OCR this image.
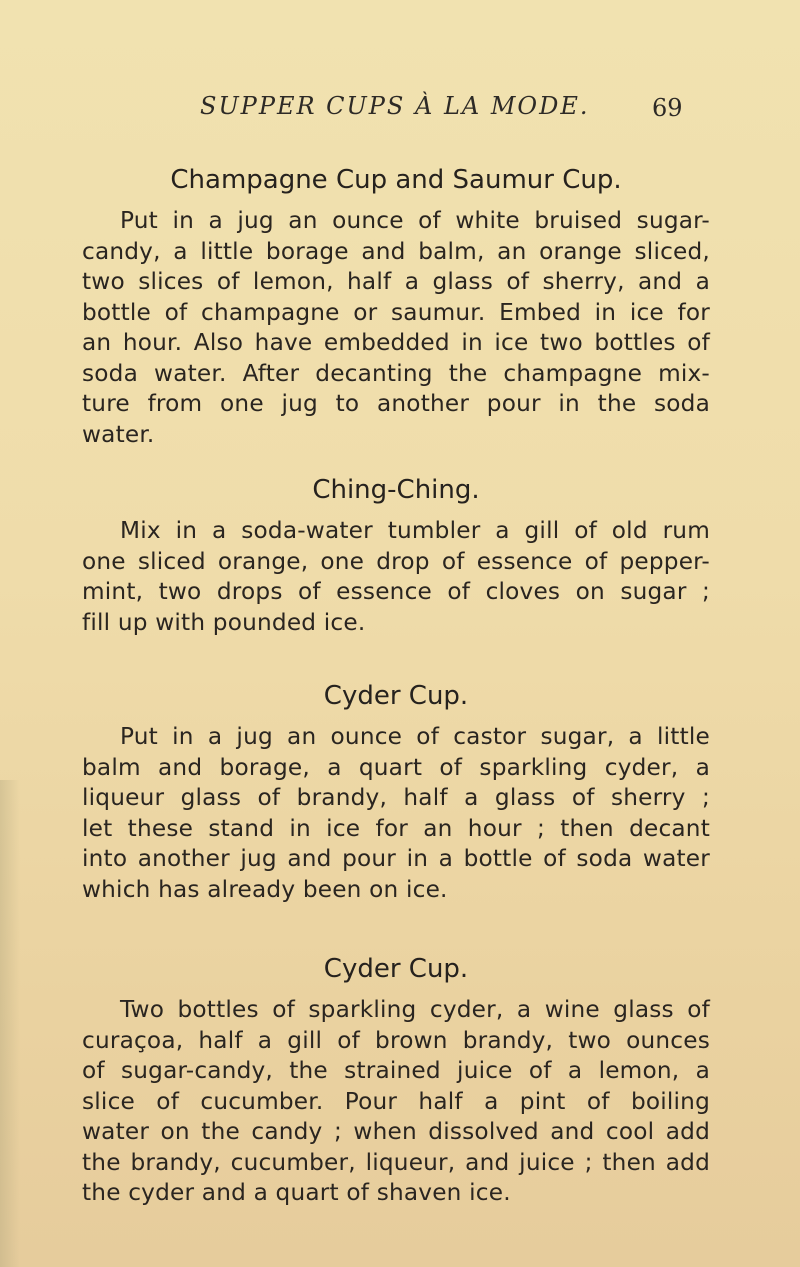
SUPPER CUPS À LA MODE.	69
Champagne Cup and Saumur Cup.
Put in a jug an ounce of white bruised sugar-
candy, a little borage and balm, an orange sliced,
two slices of lemon, half a glass of sherry, and a
bottle of champagne or saumur. Embed in ice for
an hour. Also have embedded in ice two bottles of
soda water. After decanting the champagne mix-
ture from one jug to another pour in the soda
water.
Ching-Ching.
Mix in a soda-water tumbler a gill of old rum
one sliced orange, one drop of essence of pepper-
mint, two drops of essence of cloves on sugar ;
fill up with pounded ice.
Cyder Cup.
Put in a jug an ounce of castor sugar, a little
balm and borage, a quart of sparkling cyder, a
liqueur glass of brandy, half a glass of sherry ;
let these stand in ice for an hour ; then decant
into another jug and pour in a bottle of soda water
which has already been on ice.
Cyder Cup.
Two bottles of sparkling cyder, a wine glass of
curaçoa, half a gill of brown brandy, two ounces
of sugar-candy, the strained juice of a lemon, a
slice of cucumber. Pour half a pint of boiling
water on the candy ; when dissolved and cool add
the brandy, cucumber, liqueur, and juice ; then add
the cyder and a quart of shaven ice.
